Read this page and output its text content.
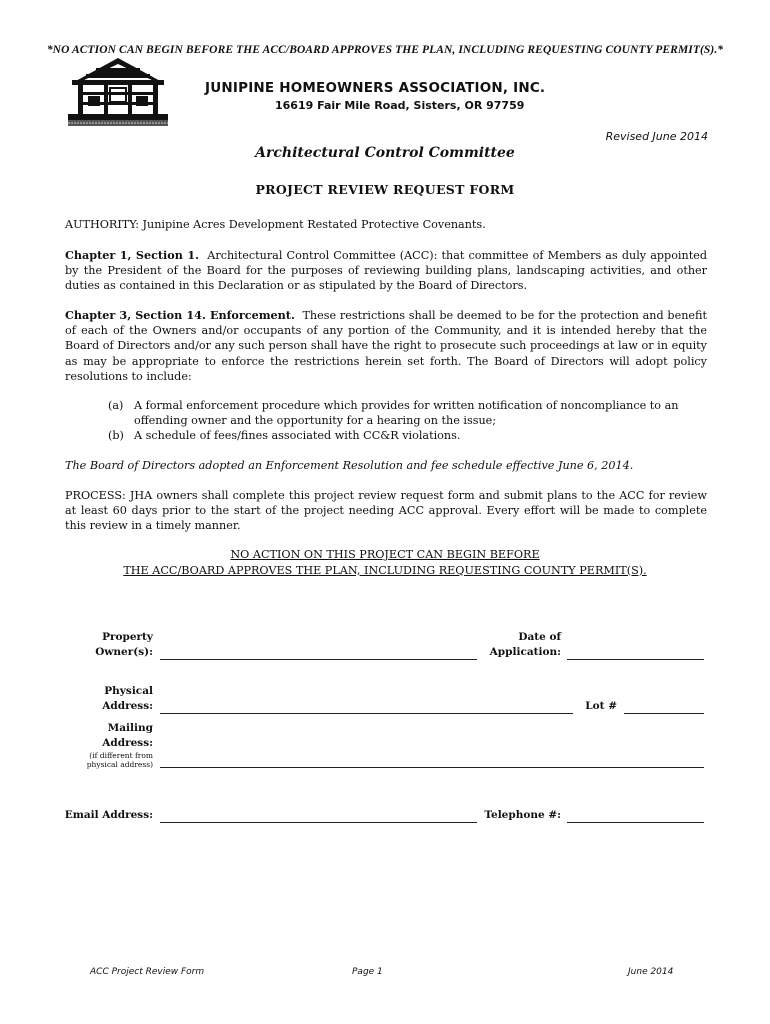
*NO ACTION CAN BEGIN BEFORE THE ACC/BOARD APPROVES THE PLAN, INCLUDING REQUESTING COUNTY PERMIT(S).*
JUNIPINE HOMEOWNERS ASSOCIATION, INC.
16619 Fair Mile Road, Sisters, OR 97759
Revised June 2014
Architectural Control Committee
PROJECT REVIEW REQUEST FORM
AUTHORITY: Junipine Acres Development Restated Protective Covenants.
Chapter 1, Section 1. Architectural Control Committee (ACC): that committee of Members as duly appointed by the President of the Board for the purposes of reviewing building plans, landscaping activities, and other duties as contained in this Declaration or as stipulated by the Board of Directors.
Chapter 3, Section 14. Enforcement. These restrictions shall be deemed to be for the protection and benefit of each of the Owners and/or occupants of any portion of the Community, and it is intended hereby that the Board of Directors and/or any such person shall have the right to prosecute such proceedings at law or in equity as may be appropriate to enforce the restrictions herein set forth. The Board of Directors will adopt policy resolutions to include:
(a) A formal enforcement procedure which provides for written notification of noncompliance to an offending owner and the opportunity for a hearing on the issue;
(b) A schedule of fees/fines associated with CC&R violations.
The Board of Directors adopted an Enforcement Resolution and fee schedule effective June 6, 2014.
PROCESS: JHA owners shall complete this project review request form and submit plans to the ACC for review at least 60 days prior to the start of the project needing ACC approval. Every effort will be made to complete this review in a timely manner.
NO ACTION ON THIS PROJECT CAN BEGIN BEFORE
THE ACC/BOARD APPROVES THE PLAN, INCLUDING REQUESTING COUNTY PERMIT(S).
Property
Owner(s):
Date of
Application:
Physical
Address:	Lot #
Mailing
Address:
(if different from
physical address)
Email Address:	Telephone #:
ACC Project Review Form	Page 1	June 2014
